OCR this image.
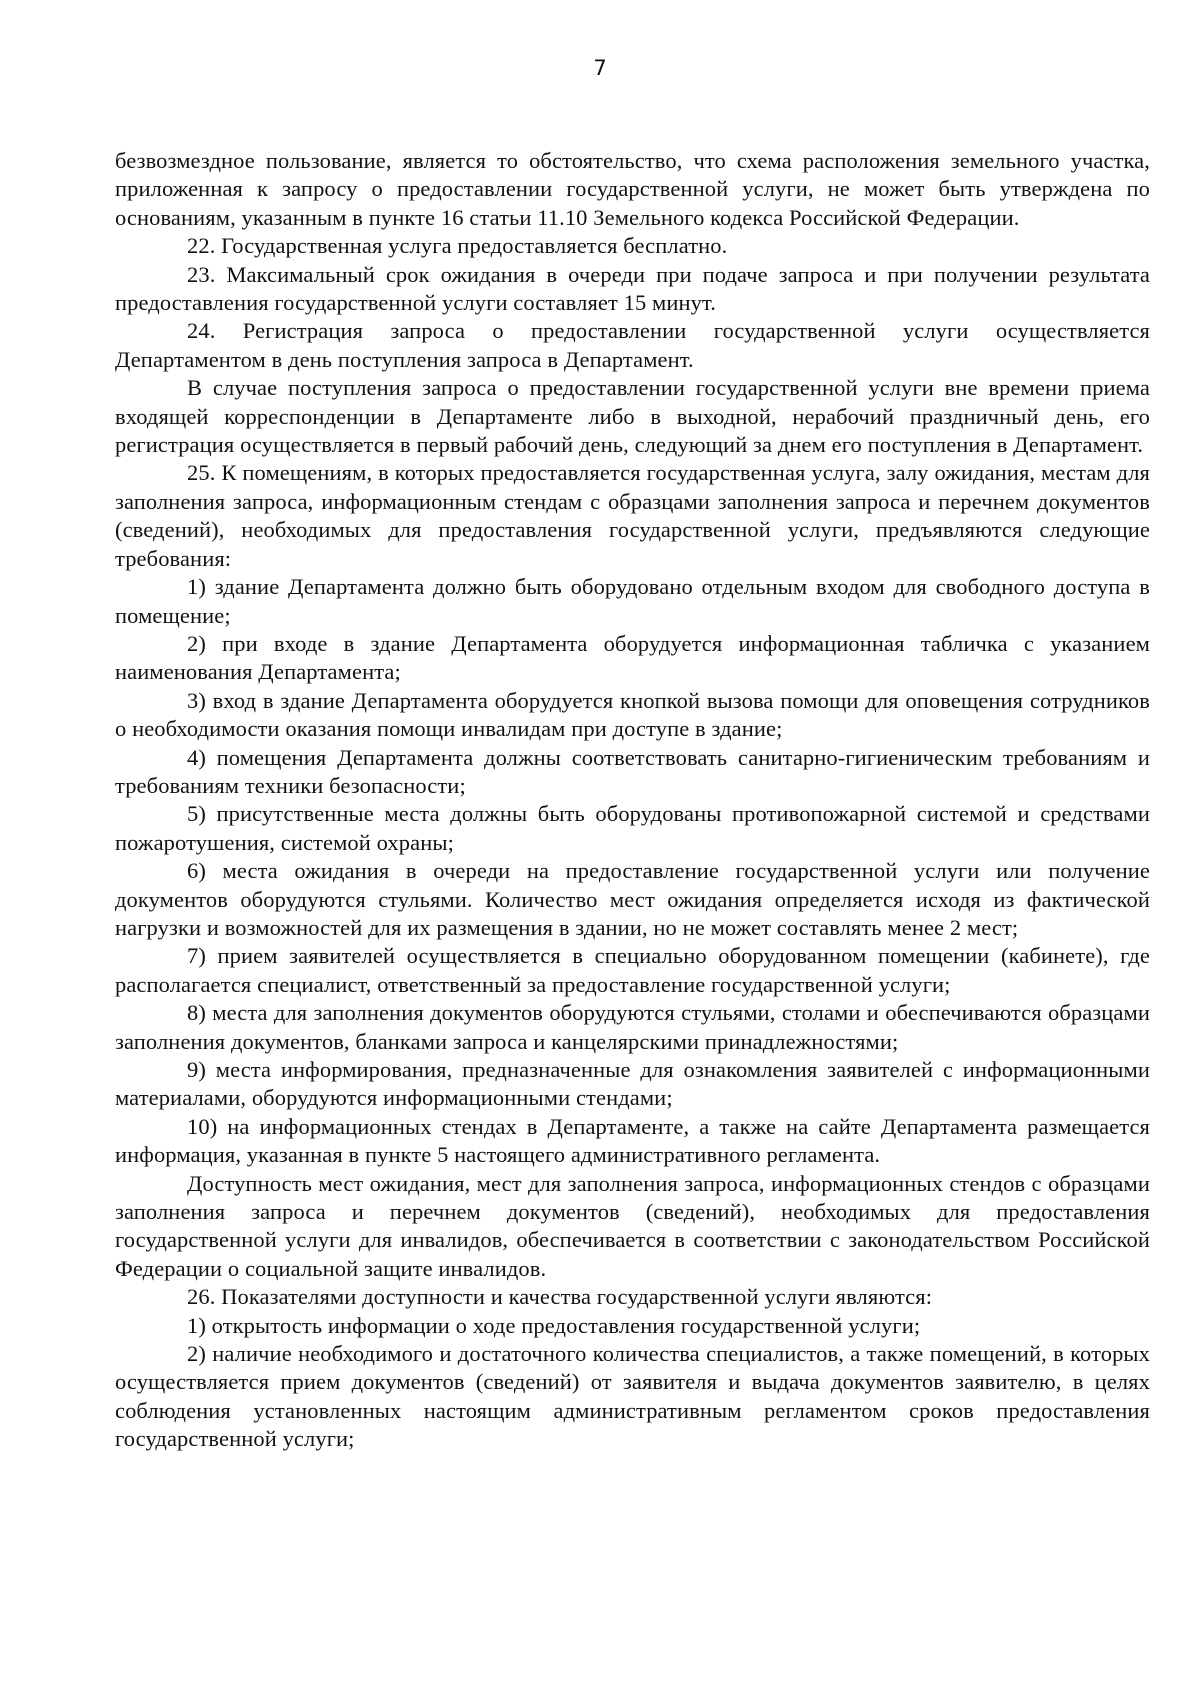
7

безвозмездное пользование, является то обстоятельство, что схема расположения земельного участка, приложенная к запросу о предоставлении государственной услуги, не может быть утверждена по основаниям, указанным в пункте 16 статьи 11.10 Земельного кодекса Российской Федерации.

22. Государственная услуга предоставляется бесплатно.

23. Максимальный срок ожидания в очереди при подаче запроса и при получении результата предоставления государственной услуги составляет 15 минут.

24. Регистрация запроса о предоставлении государственной услуги осуществляется Департаментом в день поступления запроса в Департамент.

В случае поступления запроса о предоставлении государственной услуги вне времени приема входящей корреспонденции в Департаменте либо в выходной, нерабочий праздничный день, его регистрация осуществляется в первый рабочий день, следующий за днем его поступления в Департамент.

25. К помещениям, в которых предоставляется государственная услуга, залу ожидания, местам для заполнения запроса, информационным стендам с образцами заполнения запроса и перечнем документов (сведений), необходимых для предоставления государственной услуги, предъявляются следующие требования:

1) здание Департамента должно быть оборудовано отдельным входом для свободного доступа в помещение;

2) при входе в здание Департамента оборудуется информационная табличка с указанием наименования Департамента;

3) вход в здание Департамента оборудуется кнопкой вызова помощи для оповещения сотрудников о необходимости оказания помощи инвалидам при доступе в здание;

4) помещения Департамента должны соответствовать санитарно-гигиеническим требованиям и требованиям техники безопасности;

5) присутственные места должны быть оборудованы противопожарной системой и средствами пожаротушения, системой охраны;

6) места ожидания в очереди на предоставление государственной услуги или получение документов оборудуются стульями. Количество мест ожидания определяется исходя из фактической нагрузки и возможностей для их размещения в здании, но не может составлять менее 2 мест;

7) прием заявителей осуществляется в специально оборудованном помещении (кабинете), где располагается специалист, ответственный за предоставление государственной услуги;

8) места для заполнения документов оборудуются стульями, столами и обеспечиваются образцами заполнения документов, бланками запроса и канцелярскими принадлежностями;

9) места информирования, предназначенные для ознакомления заявителей с информационными материалами, оборудуются информационными стендами;

10) на информационных стендах в Департаменте, а также на сайте Департамента размещается информация, указанная в пункте 5 настоящего административного регламента.

Доступность мест ожидания, мест для заполнения запроса, информационных стендов с образцами заполнения запроса и перечнем документов (сведений), необходимых для предоставления государственной услуги для инвалидов, обеспечивается в соответствии с законодательством Российской Федерации о социальной защите инвалидов.

26. Показателями доступности и качества государственной услуги являются:

1) открытость информации о ходе предоставления государственной услуги;

2) наличие необходимого и достаточного количества специалистов, а также помещений, в которых осуществляется прием документов (сведений) от заявителя и выдача документов заявителю, в целях соблюдения установленных настоящим административным регламентом сроков предоставления государственной услуги;
